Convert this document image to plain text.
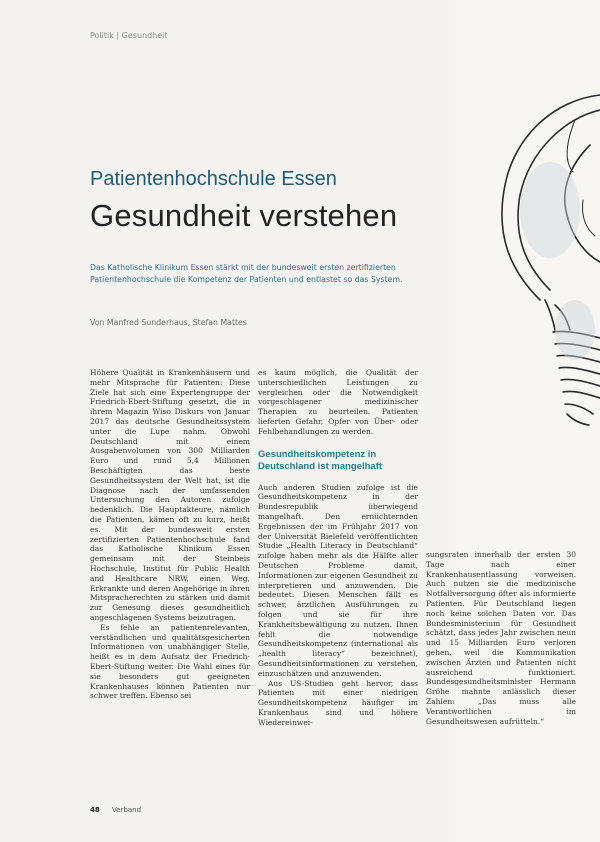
Politik | Gesundheit
Patientenhochschule Essen
Gesundheit verstehen
Das Katholische Klinikum Essen stärkt mit der bundesweit ersten zertifizierten Patientenhochschule die Kompetenz der Patienten und entlastet so das System.
Von Manfred Sunderhaus, Stefan Mattes

Höhere Qualität in Krankenhäusern und mehr Mitsprache für Patienten: Diese Ziele hat sich eine Expertengruppe der Friedrich-Ebert-Stiftung gesetzt, die in ihrem Magazin Wiso Diskurs von Januar 2017 das deutsche Gesundheitssystem unter die Lupe nahm. Obwohl Deutschland mit einem Ausgabenvolumen von 300 Milliarden Euro und rund 5,4 Millionen Beschäftigten das beste Gesundheitssystem der Welt hat, ist die Diagnose nach der umfassenden Untersuchung den Autoren zufolge bedenklich. Die Hauptakteure, nämlich die Patienten, kämen oft zu kurz, heißt es. Mit der bundesweit ersten zertifizierten Patientenhochschule fand das Katholische Klinikum Essen gemeinsam mit der Steinbeis Hochschule, Institut für Public Health and Healthcare NRW, einen Weg, Erkrankte und deren Angehörige in ihren Mitspracherechten zu stärken und damit zur Genesung dieses gesundheitlich angeschlagenen Systems beizutragen.

Es fehle an patientenrelevanten, verständlichen und qualitätsgesicherten Informationen von unabhängiger Stelle, heißt es in dem Aufsatz der Friedrich-Ebert-Stiftung weiter. Die Wahl eines für sie besonders gut geeigneten Krankenhauses können Patienten nur schwer treffen. Ebenso sei

es kaum möglich, die Qualität der unterschiedlichen Leistungen zu vergleichen oder die Notwendigkeit vorgeschlagener medizinischer Therapien zu beurteilen. Patienten lieferten Gefahr, Opfer von Über- oder Fehlbehandlungen zu werden.

Gesundheitskompetenz in Deutschland ist mangelhaft

Auch anderen Studien zufolge ist die Gesundheitskompetenz in der Bundesrepublik überwiegend mangelhaft. Den ernüchternden Ergebnissen der im Frühjahr 2017 von der Universität Bielefeld veröffentlichten Studie „Health Literacy in Deutschland“ zufolge haben mehr als die Hälfte aller Deutschen Probleme damit, Informationen zur eigenen Gesundheit zu interpretieren und anzuwenden. Die bedeutet: Diesen Menschen fällt es schwer, ärztlichen Ausführungen zu folgen und sie für ihre Krankheitsbewältigung zu nutzen. Ihnen fehlt die notwendige Gesundheitskompetenz (international als „health literacy“ bezeichnet), Gesundheitsinformationen zu verstehen, einzuschätzen und anzuwenden.

Aus US-Studien geht hervor, dass Patienten mit einer niedrigen Gesundheitskompetenz häufiger im Krankenhaus sind und höhere Wiedereinwei-

sungsraten innerhalb der ersten 30 Tage nach einer Krankenhausentlassung vorweisen. Auch nutzen sie die medizinische Notfallversorgung öfter als informierte Patienten. Für Deutschland liegen noch keine solchen Daten vor. Das Bundesministerium für Gesundheit schätzt, dass jedes Jahr zwischen neun und 15 Milliarden Euro verloren gehen, weil die Kommunikation zwischen Ärzten und Patienten nicht ausreichend funktioniert. Bundesgesundheitsminister Hermann Gröhe mahnte anlässlich dieser Zahlen: „Das muss alle Verantwortlichen im Gesundheitswesen aufrütteln.“

48 Verband
